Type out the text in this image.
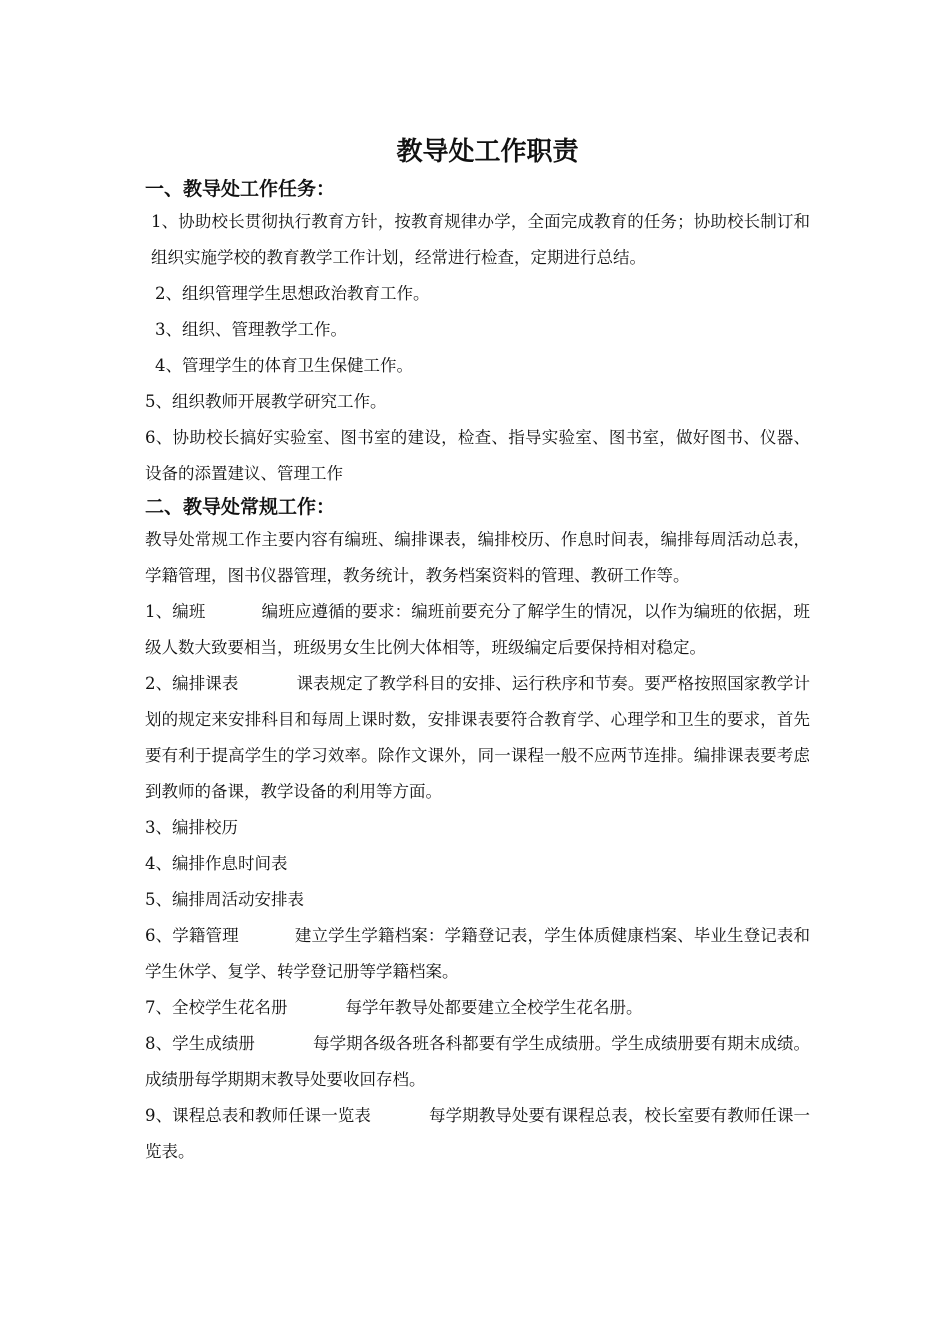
教导处工作职责
一、教导处工作任务：

1、协助校长贯彻执行教育方针，按教育规律办学，全面完成教育的任务；协助校长制订和组织实施学校的教育教学工作计划，经常进行检查，定期进行总结。

2、组织管理学生思想政治教育工作。

3、组织、管理教学工作。

4、管理学生的体育卫生保健工作。

5、组织教师开展教学研究工作。

6、协助校长搞好实验室、图书室的建设，检查、指导实验室、图书室，做好图书、仪器、设备的添置建议、管理工作

二、教导处常规工作：

教导处常规工作主要内容有编班、编排课表，编排校历、作息时间表，编排每周活动总表，学籍管理，图书仪器管理，教务统计，教务档案资料的管理、教研工作等。

1、编班	编班应遵循的要求：编班前要充分了解学生的情况，以作为编班的依据，班级人数大致要相当，班级男女生比例大体相等，班级编定后要保持相对稳定。

2、编排课表	课表规定了教学科目的安排、运行秩序和节奏。要严格按照国家教学计划的规定来安排科目和每周上课时数，安排课表要符合教育学、心理学和卫生的要求，首先要有利于提高学生的学习效率。除作文课外，同一课程一般不应两节连排。编排课表要考虑到教师的备课，教学设备的利用等方面。

3、编排校历

4、编排作息时间表

5、编排周活动安排表

6、学籍管理	建立学生学籍档案：学籍登记表，学生体质健康档案、毕业生登记表和学生休学、复学、转学登记册等学籍档案。

7、全校学生花名册	每学年教导处都要建立全校学生花名册。

8、学生成绩册	每学期各级各班各科都要有学生成绩册。学生成绩册要有期末成绩。成绩册每学期期末教导处要收回存档。

9、课程总表和教师任课一览表	每学期教导处要有课程总表，校长室要有教师任课一览表。
